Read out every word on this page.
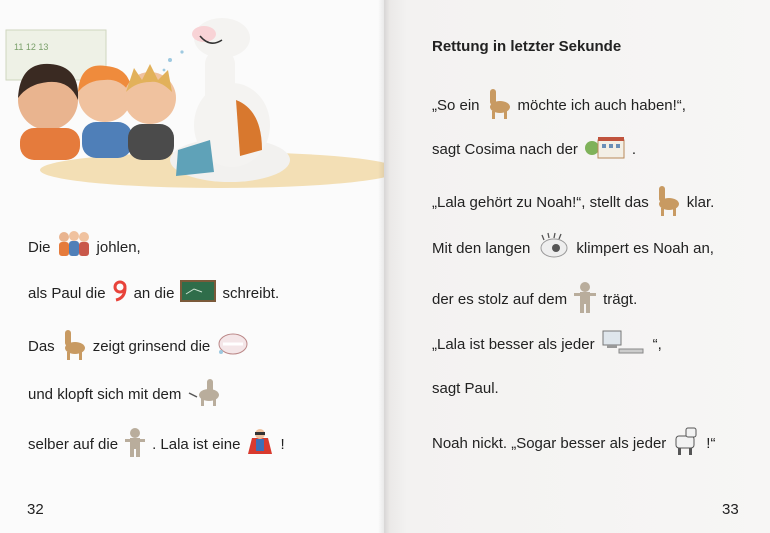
11 12 13
Die	johlen,
als Paul die an die	schreibt.
Das	zeigt grinsend die
und klopft sich mit dem
selber auf die . Lala ist eine	!
32
Rettung in letzter Sekunde
„So ein	möchte ich auch haben!“,
sagt Cosima nach der	.
„Lala gehört zu Noah!“, stellt das	klar.
Mit den langen	klimpert es Noah an,
der es stolz auf dem trägt.
„Lala ist besser als jeder	“,
sagt Paul.
Noah nickt. „Sogar besser als jeder	!“
33
